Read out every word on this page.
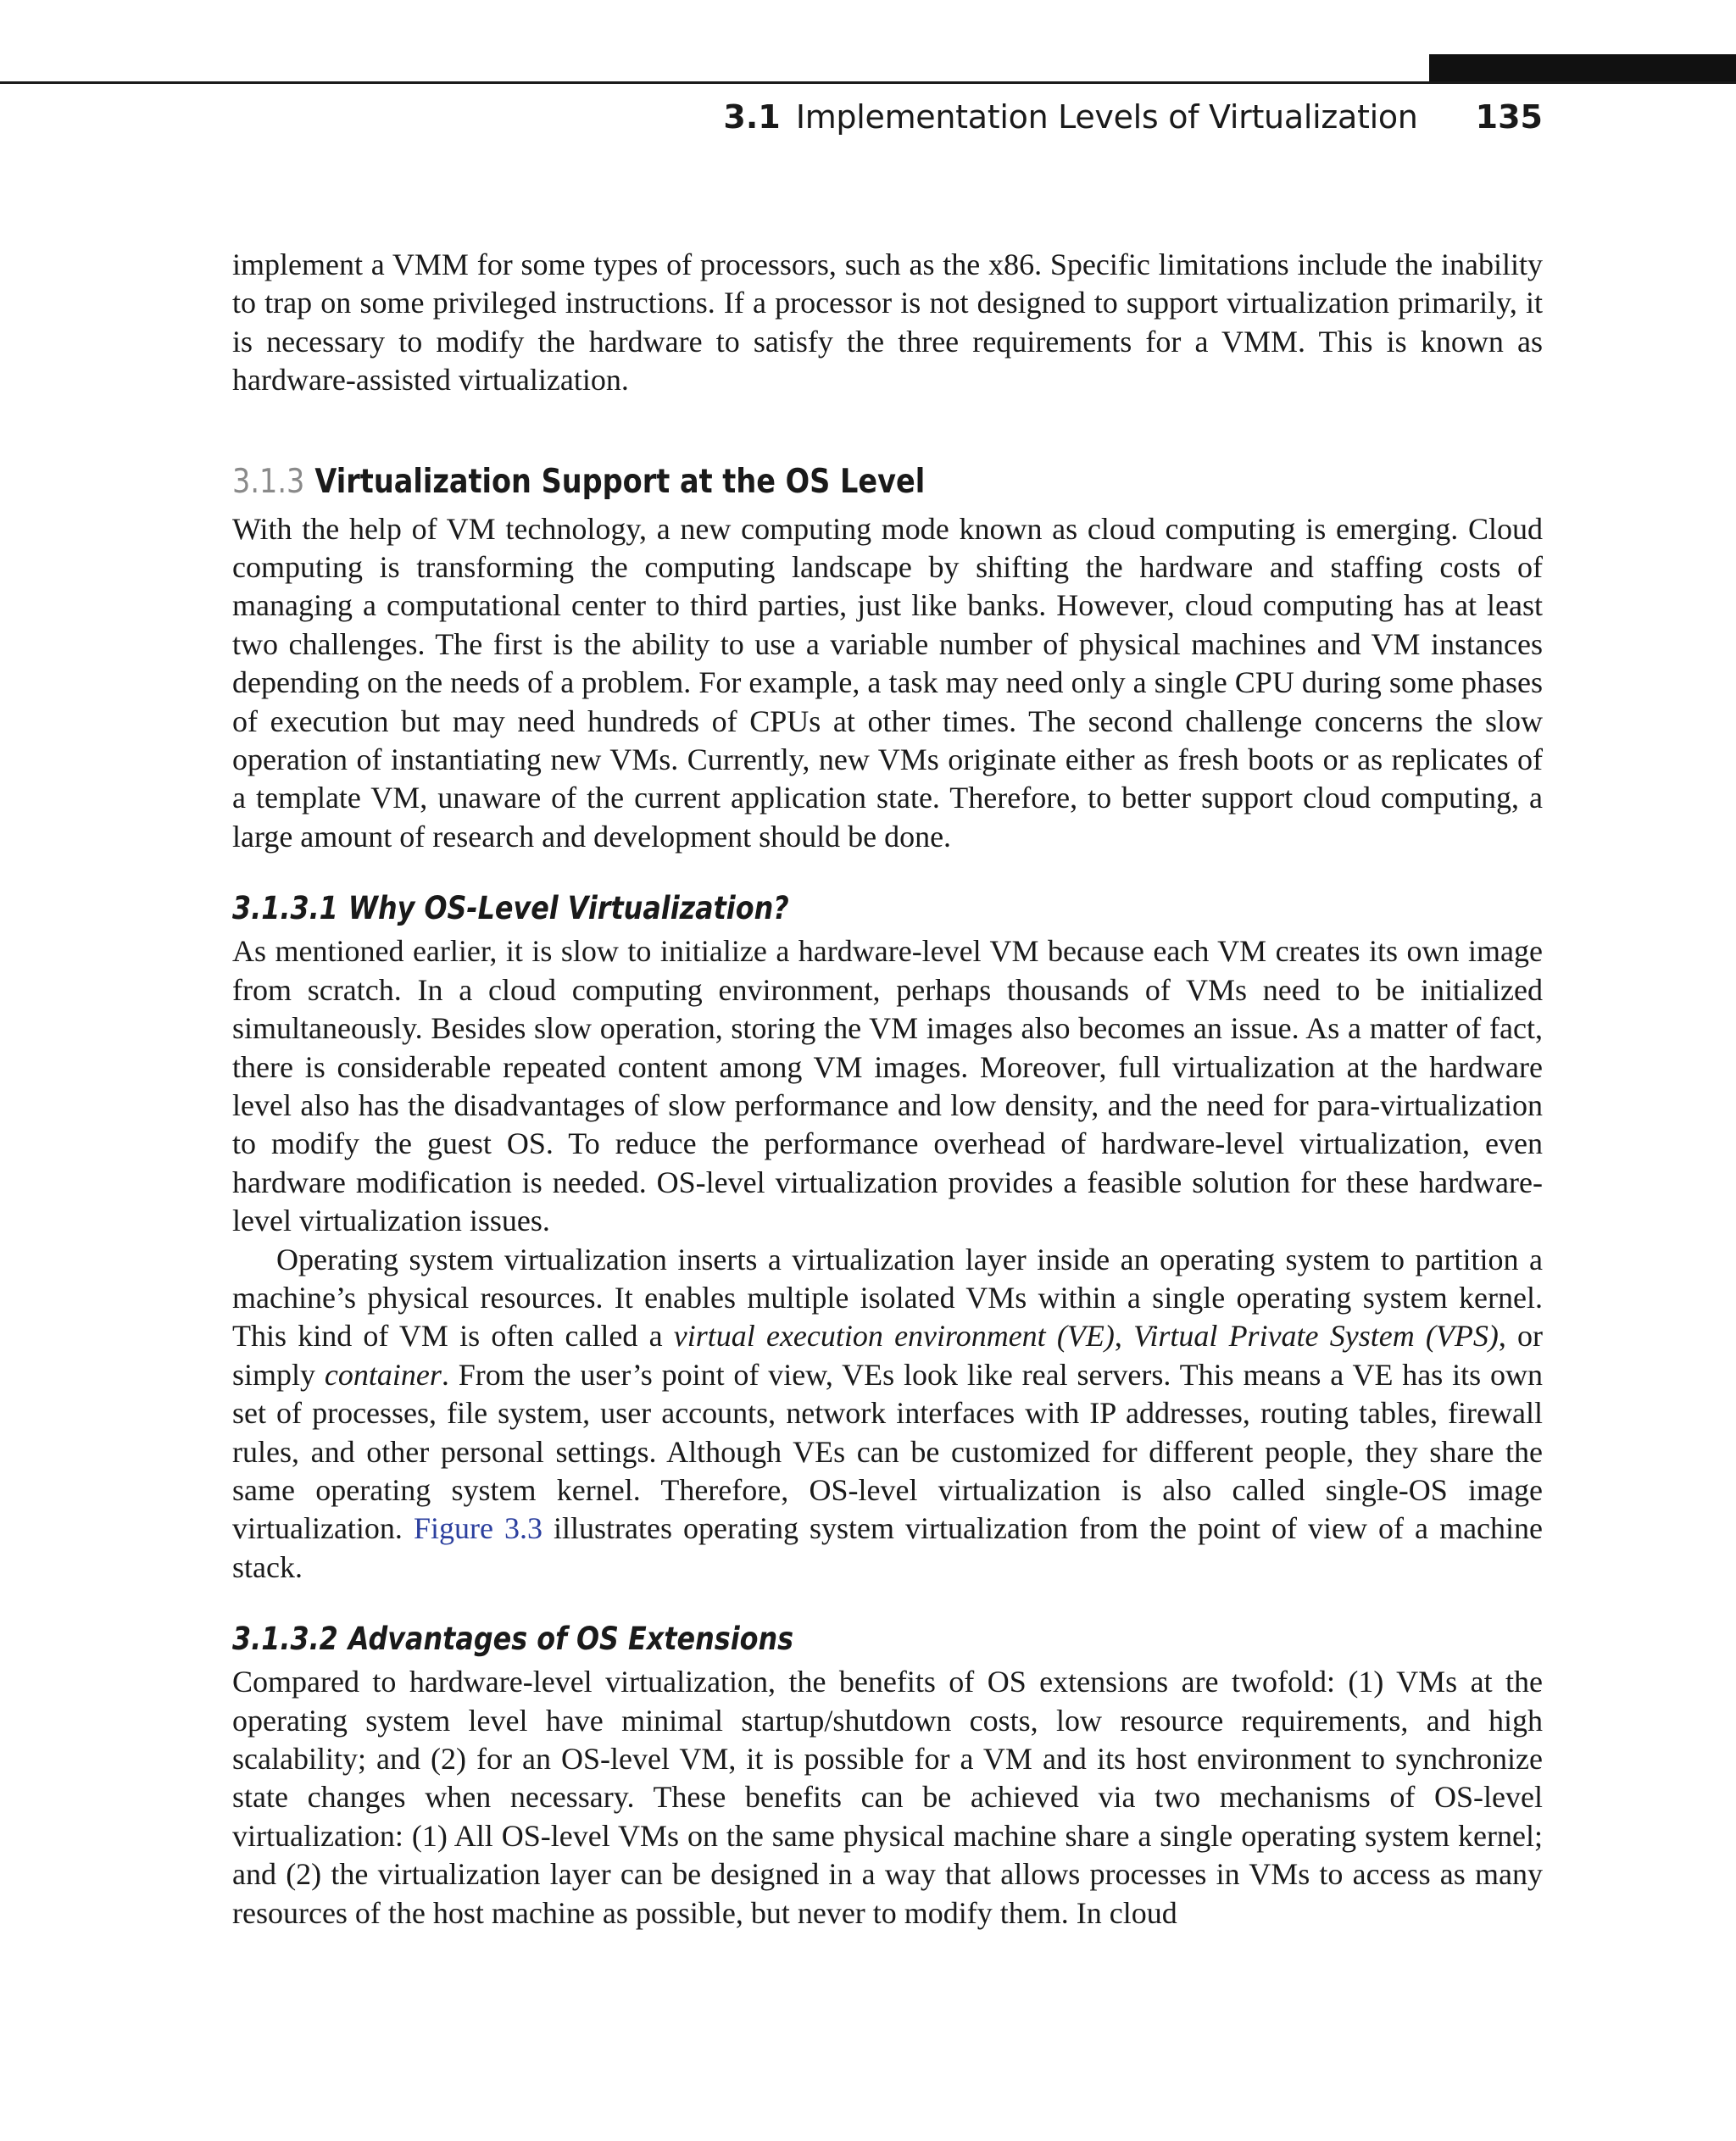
3.1 Implementation Levels of Virtualization 135

implement a VMM for some types of processors, such as the x86. Specific limitations include the inability to trap on some privileged instructions. If a processor is not designed to support virtualization primarily, it is necessary to modify the hardware to satisfy the three requirements for a VMM. This is known as hardware-assisted virtualization.

3.1.3 Virtualization Support at the OS Level

With the help of VM technology, a new computing mode known as cloud computing is emerging. Cloud computing is transforming the computing landscape by shifting the hardware and staffing costs of managing a computational center to third parties, just like banks. However, cloud computing has at least two challenges. The first is the ability to use a variable number of physical machines and VM instances depending on the needs of a problem. For example, a task may need only a single CPU during some phases of execution but may need hundreds of CPUs at other times. The second challenge concerns the slow operation of instantiating new VMs. Currently, new VMs originate either as fresh boots or as replicates of a template VM, unaware of the current application state. Therefore, to better support cloud computing, a large amount of research and development should be done.

3.1.3.1 Why OS-Level Virtualization?

As mentioned earlier, it is slow to initialize a hardware-level VM because each VM creates its own image from scratch. In a cloud computing environment, perhaps thousands of VMs need to be initialized simultaneously. Besides slow operation, storing the VM images also becomes an issue. As a matter of fact, there is considerable repeated content among VM images. Moreover, full virtualization at the hardware level also has the disadvantages of slow performance and low density, and the need for para-virtualization to modify the guest OS. To reduce the performance overhead of hardware-level virtualization, even hardware modification is needed. OS-level virtualization provides a feasible solution for these hardware-level virtualization issues.

Operating system virtualization inserts a virtualization layer inside an operating system to partition a machine’s physical resources. It enables multiple isolated VMs within a single operating system kernel. This kind of VM is often called a virtual execution environment (VE), Virtual Private System (VPS), or simply container. From the user’s point of view, VEs look like real servers. This means a VE has its own set of processes, file system, user accounts, network interfaces with IP addresses, routing tables, firewall rules, and other personal settings. Although VEs can be customized for different people, they share the same operating system kernel. Therefore, OS-level virtualization is also called single-OS image virtualization. Figure 3.3 illustrates operating system virtualization from the point of view of a machine stack.

3.1.3.2 Advantages of OS Extensions

Compared to hardware-level virtualization, the benefits of OS extensions are twofold: (1) VMs at the operating system level have minimal startup/shutdown costs, low resource requirements, and high scalability; and (2) for an OS-level VM, it is possible for a VM and its host environment to synchronize state changes when necessary. These benefits can be achieved via two mechanisms of OS-level virtualization: (1) All OS-level VMs on the same physical machine share a single operating system kernel; and (2) the virtualization layer can be designed in a way that allows processes in VMs to access as many resources of the host machine as possible, but never to modify them. In cloud
